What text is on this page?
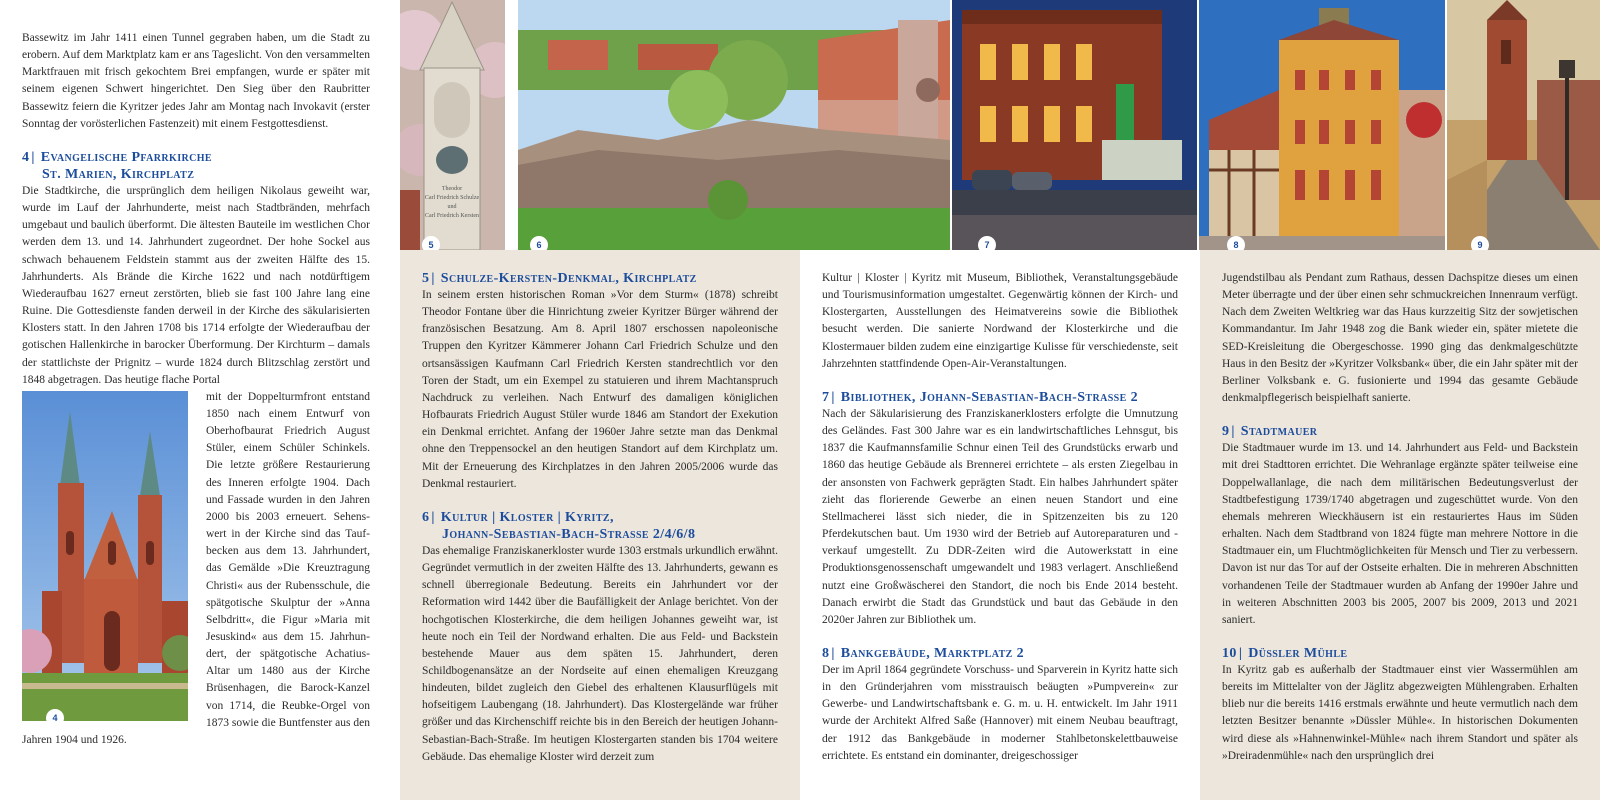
Bassewitz im Jahr 1411 einen Tunnel gegraben haben, um die Stadt zu erobern. Auf dem Marktplatz kam er ans Tageslicht. Von den versammelten Marktfrauen mit frisch gekochtem Brei empfangen, wurde er später mit seinem eigenen Schwert hingerichtet. Den Sieg über den Raubritter Bassewitz feiern die Kyritzer jedes Jahr am Montag nach Invokavit (erster Sonntag der vorösterlichen Fastenzeit) mit einem Festgottesdienst.

4 | Evangelische Pfarrkirche
St. Marien, Kirchplatz

Die Stadtkirche, die ursprünglich dem heiligen Nikolaus geweiht war, wurde im Lauf der Jahrhunderte, meist nach Stadtbränden, mehrfach umgebaut und baulich überformt. Die ältesten Bauteile im westlichen Chor werden dem 13. und 14. Jahrhundert zugeordnet. Der hohe Sockel aus schwach behauenem Feldstein stammt aus der zweiten Hälfte des 15. Jahrhunderts. Als Brände die Kirche 1622 und nach notdürftigem Wiederaufbau 1627 erneut zerstörten, blieb sie fast 100 Jahre lang eine Ruine. Die Gottesdienste fanden derweil in der Kirche des säkularisierten Klosters statt. In den Jahren 1708 bis 1714 erfolgte der Wiederaufbau der gotischen Hallenkirche in barocker Überformung. Der Kirchturm – damals der stattlichste der Prignitz – wurde 1824 durch Blitzschlag zerstört und 1848 abgetragen. Das heutige flache Portal

4

mit der Doppelturmfront entstand 1850 nach einem Entwurf von Oberhofbaurat Friedrich August Stüler, einem Schüler Schinkels. Die letzte größere Restaurierung des Inneren erfolgte 1904. Dach und Fassade wurden in den Jahren 2000 bis 2003 erneuert. Sehenswert in der Kirche sind das Taufbecken aus dem 13. Jahrhundert, das Gemälde »Die Kreuztragung Christi« aus der Rubensschule, die spätgotische Skulptur der »Anna Selbdritt«, die Figur »Maria mit Jesuskind« aus dem 15. Jahrhundert, der spätgotische Achatius-Altar um 1480 aus der Kirche Brüsenhagen, die Barock-Kanzel von 1714, die Reubke-Orgel von 1873 sowie die Buntfenster aus den Jahren 1904 und 1926.

Theodor
Carl Friedrich Schulze
und
Carl Friedrich Kersten
5	6	7	8	9
5 | Schulze-Kersten-Denkmal, Kirchplatz

In seinem ersten historischen Roman »Vor dem Sturm« (1878) schreibt Theodor Fontane über die Hinrichtung zweier Kyritzer Bürger während der französischen Besatzung. Am 8. April 1807 erschossen napoleonische Truppen den Kyritzer Kämmerer Johann Carl Friedrich Schulze und den ortsansässigen Kaufmann Carl Friedrich Kersten standrechtlich vor den Toren der Stadt, um ein Exempel zu statuieren und ihrem Machtanspruch Nachdruck zu verleihen. Nach Entwurf des damaligen königlichen Hofbaurats Friedrich August Stüler wurde 1846 am Standort der Exekution ein Denkmal errichtet. Anfang der 1960er Jahre setzte man das Denkmal ohne den Treppensockel an den heutigen Standort auf dem Kirchplatz um. Mit der Erneuerung des Kirchplatzes in den Jahren 2005/2006 wurde das Denkmal restauriert.

6 | Kultur | Kloster | Kyritz,
Johann-Sebastian-Bach-Strasse 2/4/6/8

Das ehemalige Franziskanerkloster wurde 1303 erstmals urkundlich erwähnt. Gegründet vermutlich in der zweiten Hälfte des 13. Jahrhunderts, gewann es schnell überregionale Bedeutung. Bereits ein Jahrhundert vor der Reformation wird 1442 über die Baufälligkeit der Anlage berichtet. Von der hochgotischen Klosterkirche, die dem heiligen Johannes geweiht war, ist heute noch ein Teil der Nordwand erhalten. Die aus Feld- und Backstein bestehende Mauer aus dem späten 15. Jahrhundert, deren Schildbogenansätze an der Nordseite auf einen ehemaligen Kreuzgang hindeuten, bildet zugleich den Giebel des erhaltenen Klausurflügels mit hofseitigem Laubengang (18. Jahrhundert). Das Klostergelände war früher größer und das Kirchenschiff reichte bis in den Bereich der heutigen Johann-Sebastian-Bach-Straße. Im heutigen Klostergarten standen bis 1704 weitere Gebäude. Das ehemalige Kloster wird derzeit zum

Kultur | Kloster | Kyritz mit Museum, Bibliothek, Veranstaltungsgebäude und Tourismusinformation umgestaltet. Gegenwärtig können der Kirch- und Klostergarten, Ausstellungen des Heimatvereins sowie die Bibliothek besucht werden. Die sanierte Nordwand der Klosterkirche und die Klostermauer bilden zudem eine einzigartige Kulisse für verschiedenste, seit Jahrzehnten stattfindende Open-Air-Veranstaltungen.

7 | Bibliothek, Johann-Sebastian-Bach-Strasse 2

Nach der Säkularisierung des Franziskanerklosters erfolgte die Umnutzung des Geländes. Fast 300 Jahre war es ein landwirtschaftliches Lehnsgut, bis 1837 die Kaufmannsfamilie Schnur einen Teil des Grundstücks erwarb und 1860 das heutige Gebäude als Brennerei errichtete – als ersten Ziegelbau in der ansonsten von Fachwerk geprägten Stadt. Ein halbes Jahrhundert später zieht das florierende Gewerbe an einen neuen Standort und eine Stellmacherei lässt sich nieder, die in Spitzenzeiten bis zu 120 Pferdekutschen baut. Um 1930 wird der Betrieb auf Autoreparaturen und -verkauf umgestellt. Zu DDR-Zeiten wird die Autowerkstatt in eine Produktionsgenossenschaft umgewandelt und 1983 verlagert. Anschließend nutzt eine Großwäscherei den Standort, die noch bis Ende 2014 besteht. Danach erwirbt die Stadt das Grundstück und baut das Gebäude in den 2020er Jahren zur Bibliothek um.

8 | Bankgebäude, Marktplatz 2

Der im April 1864 gegründete Vorschuss- und Sparverein in Kyritz hatte sich in den Gründerjahren vom misstrauisch beäugten »Pumpverein« zur Gewerbe- und Landwirtschaftsbank e. G. m. u. H. entwickelt. Im Jahr 1911 wurde der Architekt Alfred Saße (Hannover) mit einem Neubau beauftragt, der 1912 das Bankgebäude in moderner Stahlbetonskelettbauweise errichtete. Es entstand ein dominanter, dreigeschossiger

Jugendstilbau als Pendant zum Rathaus, dessen Dachspitze dieses um einen Meter überragte und der über einen sehr schmuckreichen Innenraum verfügt. Nach dem Zweiten Weltkrieg war das Haus kurzzeitig Sitz der sowjetischen Kommandantur. Im Jahr 1948 zog die Bank wieder ein, später mietete die SED-Kreisleitung die Obergeschosse. 1990 ging das denkmalgeschützte Haus in den Besitz der »Kyritzer Volksbank« über, die ein Jahr später mit der Berliner Volksbank e. G. fusionierte und 1994 das gesamte Gebäude denkmalpflegerisch beispielhaft sanierte.

9 | Stadtmauer

Die Stadtmauer wurde im 13. und 14. Jahrhundert aus Feld- und Backstein mit drei Stadttoren errichtet. Die Wehranlage ergänzte später teilweise eine Doppelwallanlage, die nach dem militärischen Bedeutungsverlust der Stadtbefestigung 1739/1740 abgetragen und zugeschüttet wurde. Von den ehemals mehreren Wieckhäusern ist ein restauriertes Haus im Süden erhalten. Nach dem Stadtbrand von 1824 fügte man mehrere Nottore in die Stadtmauer ein, um Fluchtmöglichkeiten für Mensch und Tier zu verbessern. Davon ist nur das Tor auf der Ostseite erhalten. Die in mehreren Abschnitten vorhandenen Teile der Stadtmauer wurden ab Anfang der 1990er Jahre und in weiteren Abschnitten 2003 bis 2005, 2007 bis 2009, 2013 und 2021 saniert.

10 | Düssler Mühle

In Kyritz gab es außerhalb der Stadtmauer einst vier Wassermühlen am bereits im Mittelalter von der Jäglitz abgezweigten Mühlengraben. Erhalten blieb nur die bereits 1416 erstmals erwähnte und heute vermutlich nach dem letzten Besitzer benannte »Düssler Mühle«. In historischen Dokumenten wird diese als »Hahnenwinkel-Mühle« nach ihrem Standort und später als »Dreiradenmühle« nach den ursprünglich drei
